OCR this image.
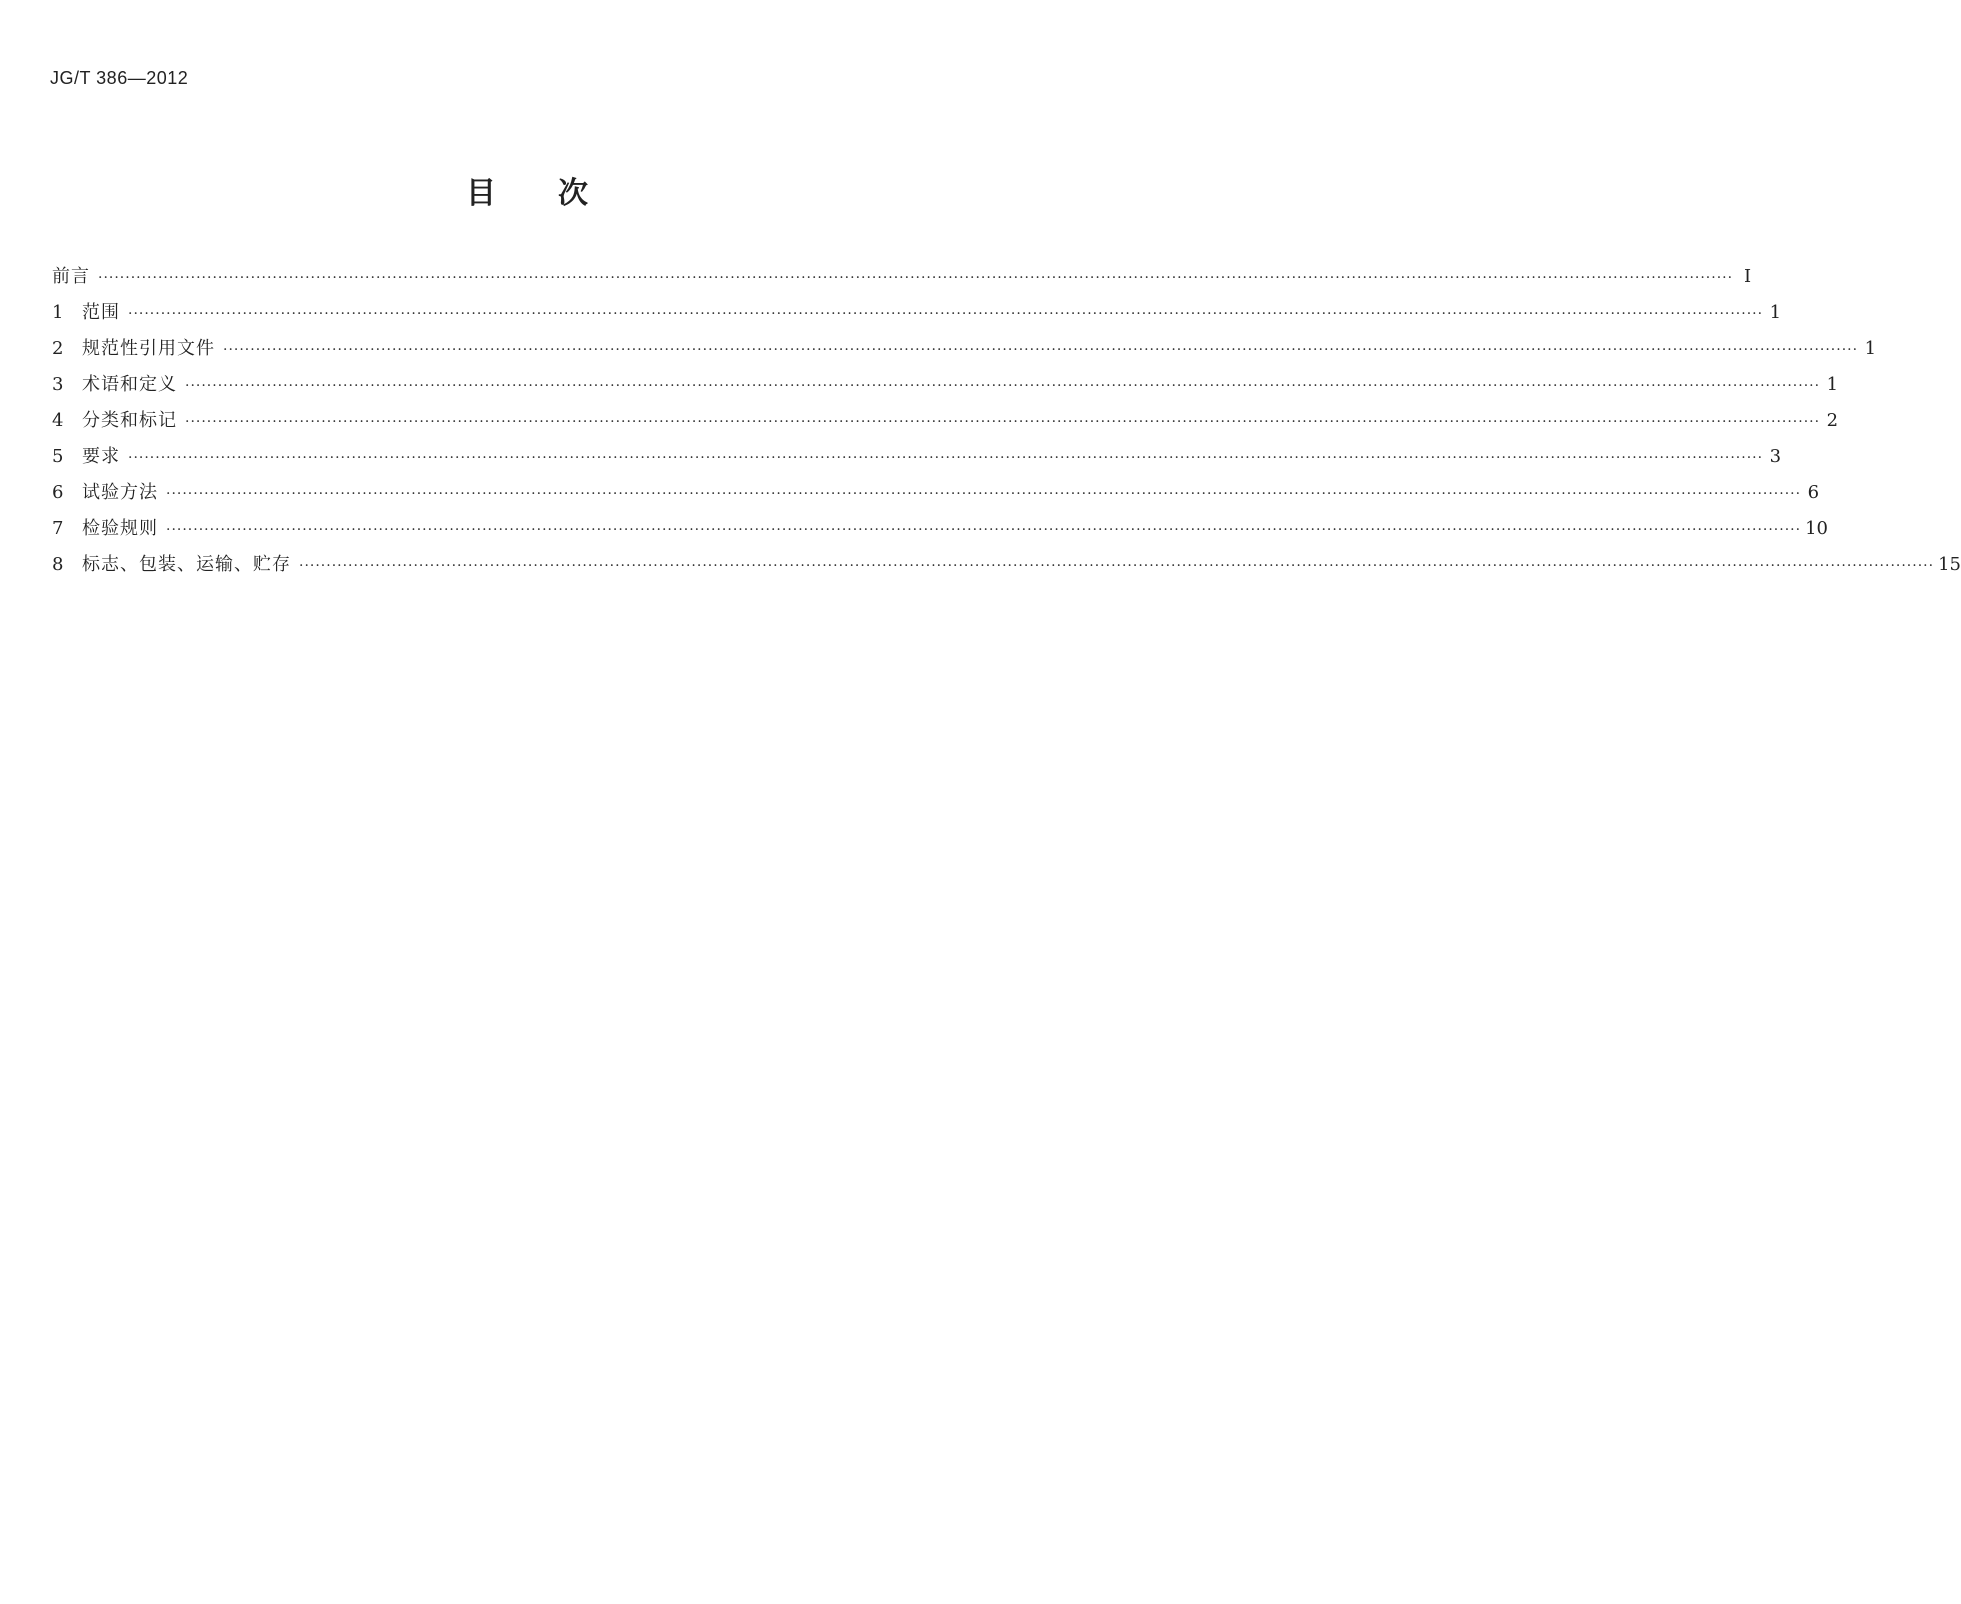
JG/T 386—2012
目 次
前言 ············································································································································································································································································································ I
1	范围 ············································································································································································································································································································ 1
2	规范性引用文件 ············································································································································································································································································································ 1
3	术语和定义 ············································································································································································································································································································ 1
4	分类和标记 ············································································································································································································································································································ 2
5	要求 ············································································································································································································································································································ 3
6	试验方法 ············································································································································································································································································································ 6
7	检验规则 ············································································································································································································································································································ 10
8	标志、包装、运输、贮存 ············································································································································································································································································································ 15
